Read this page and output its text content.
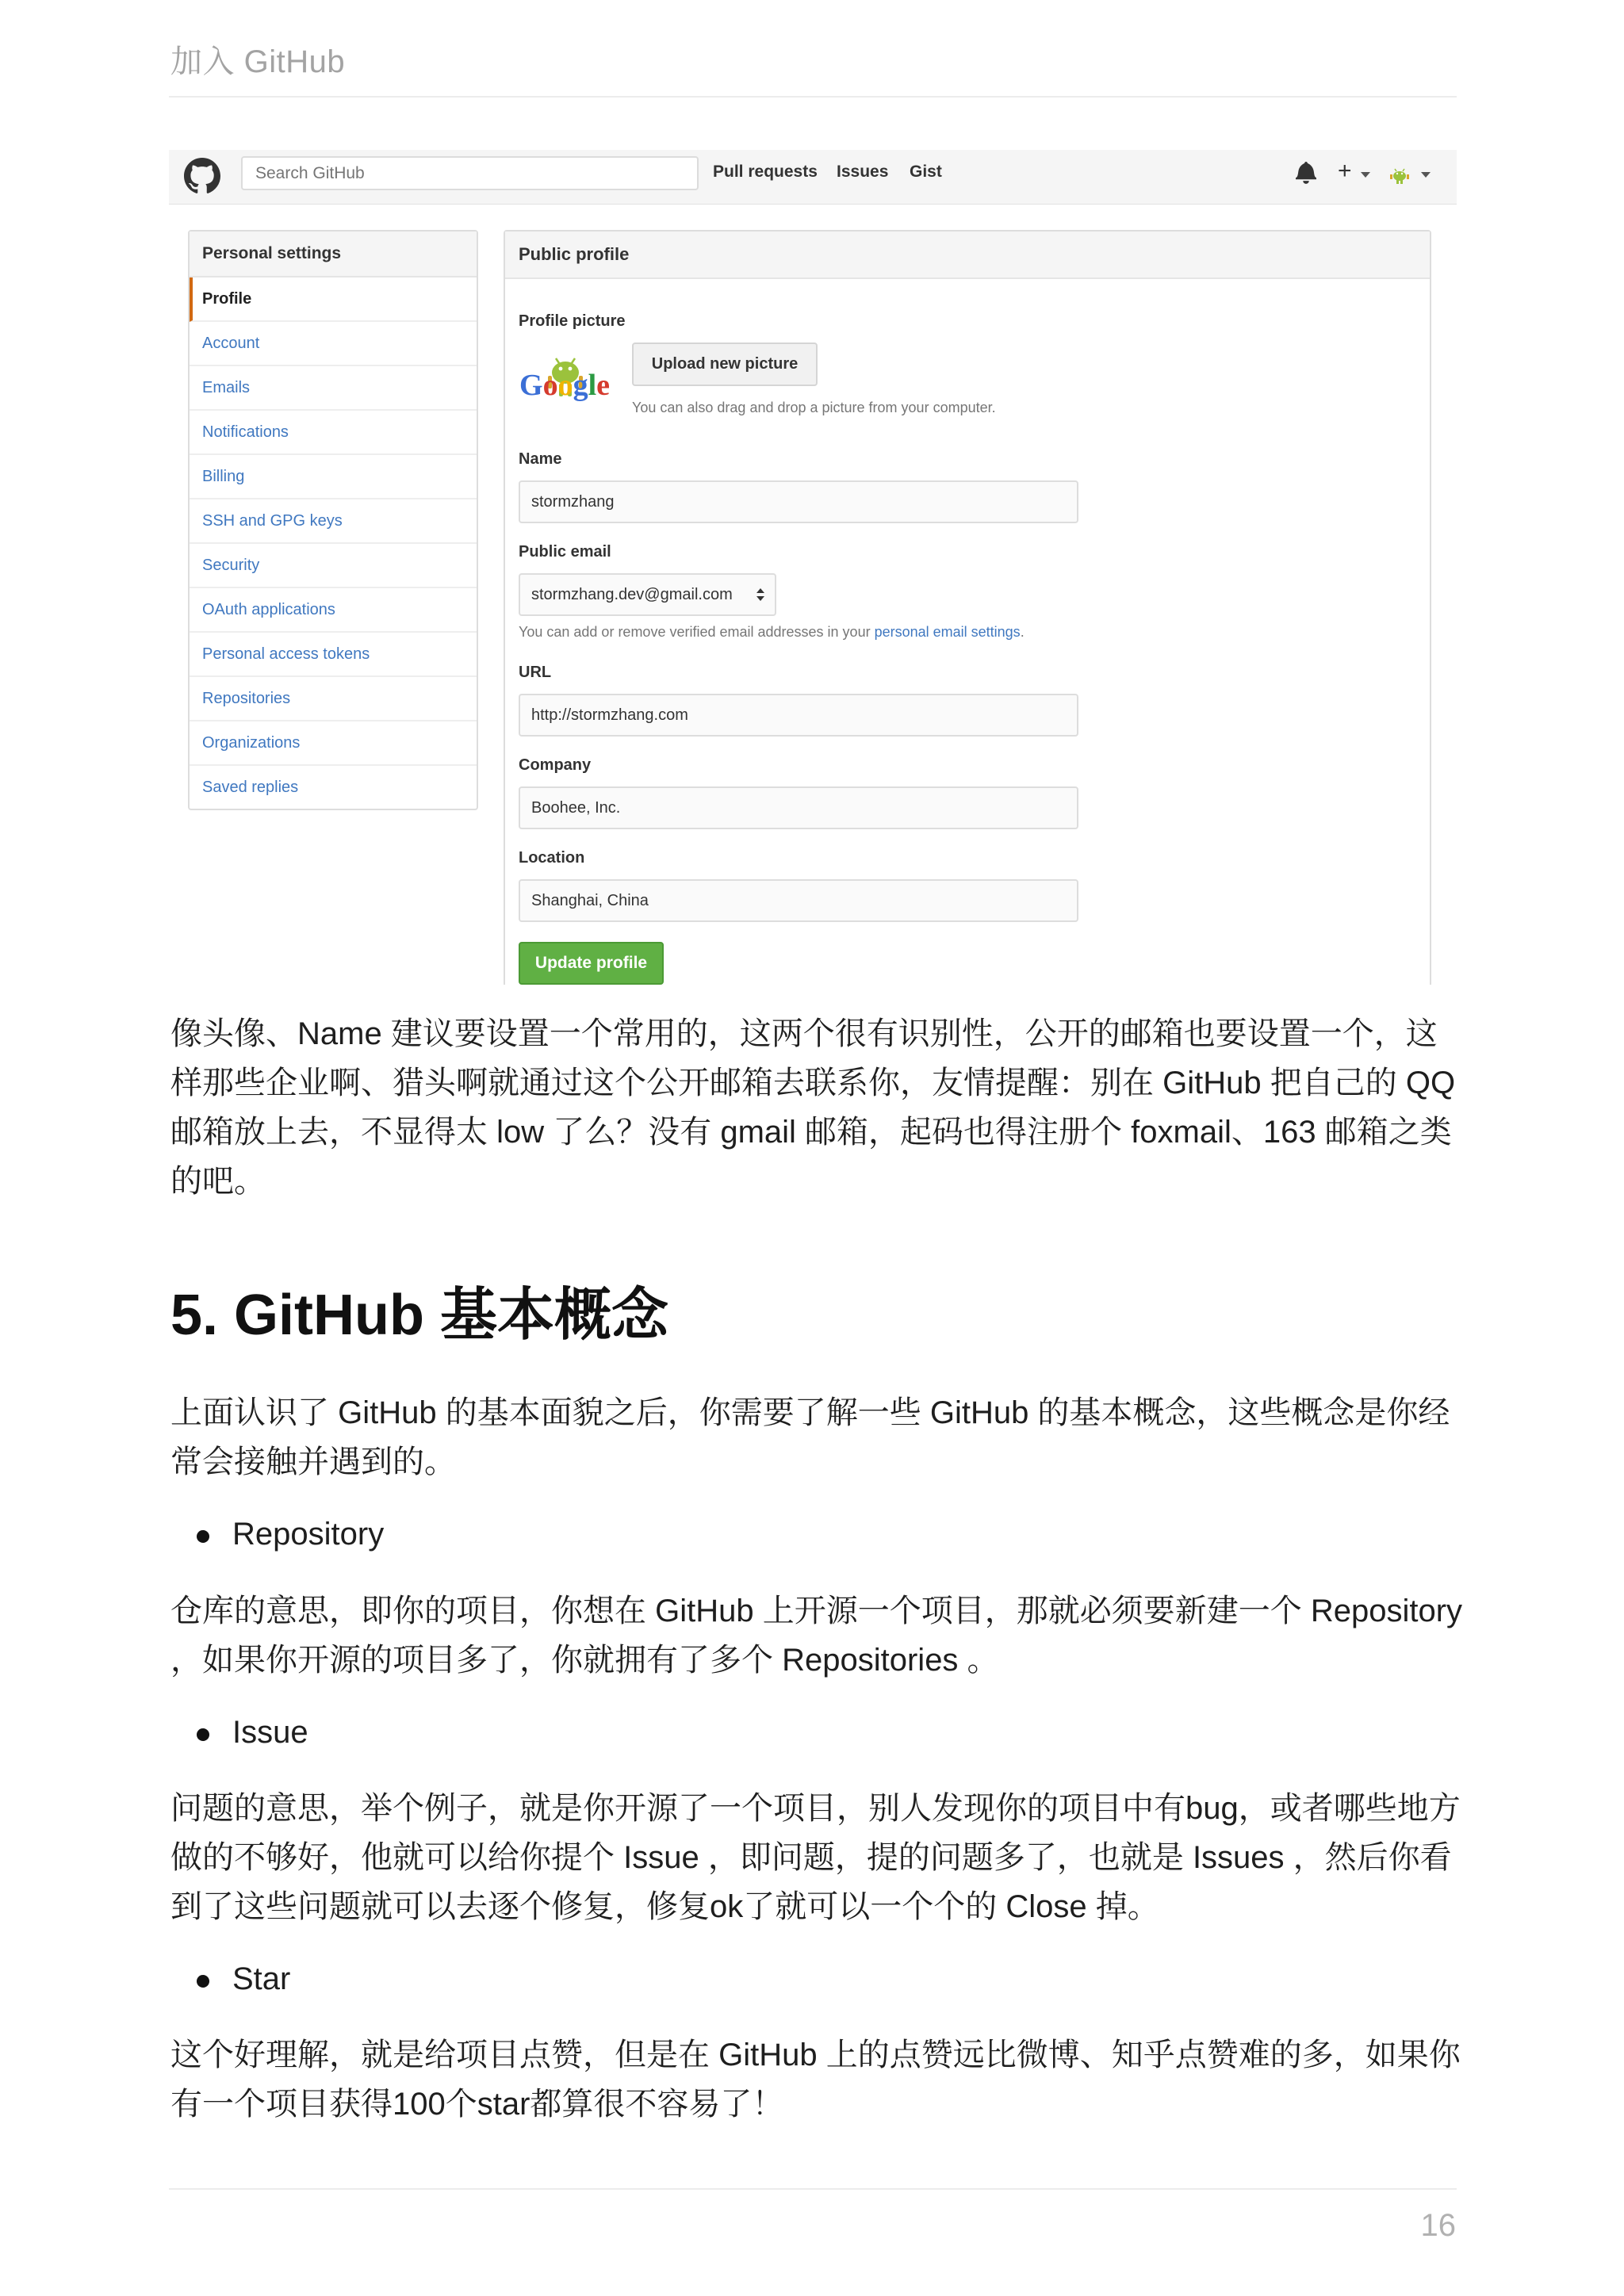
加入 GitHub
Search GitHub
Pull requests Issues Gist	+
Personal settings
Profile
Account
Emails
Notifications
Billing
SSH and GPG keys
Security
OAuth applications
Personal access tokens
Repositories
Organizations
Saved replies
Public profile
Profile picture
Google
Upload new picture
You can also drag and drop a picture from your computer.
Name
stormzhang
Public email
stormzhang.dev@gmail.com
You can add or remove verified email addresses in your personal email settings.
URL
http://stormzhang.com
Company
Boohee, Inc.
Location
Shanghai, China
Update profile

像头像、Name 建议要设置一个常用的，这两个很有识别性，公开的邮箱也要设置一个，这
样那些企业啊、猎头啊就通过这个公开邮箱去联系你，友情提醒：别在 GitHub 把自己的 QQ
邮箱放上去，不显得太 low 了么？没有 gmail 邮箱，起码也得注册个 foxmail、163 邮箱之类
的吧。

5. GitHub 基本概念

上面认识了 GitHub 的基本面貌之后，你需要了解一些 GitHub 的基本概念，这些概念是你经
常会接触并遇到的。

Repository

仓库的意思，即你的项目，你想在 GitHub 上开源一个项目，那就必须要新建一个 Repository
，如果你开源的项目多了，你就拥有了多个 Repositories 。

Issue

问题的意思，举个例子，就是你开源了一个项目，别人发现你的项目中有bug，或者哪些地方
做的不够好，他就可以给你提个 Issue ，即问题，提的问题多了，也就是 Issues ，然后你看
到了这些问题就可以去逐个修复，修复ok了就可以一个个的 Close 掉。

Star

这个好理解，就是给项目点赞，但是在 GitHub 上的点赞远比微博、知乎点赞难的多，如果你
有一个项目获得100个star都算很不容易了！

16
